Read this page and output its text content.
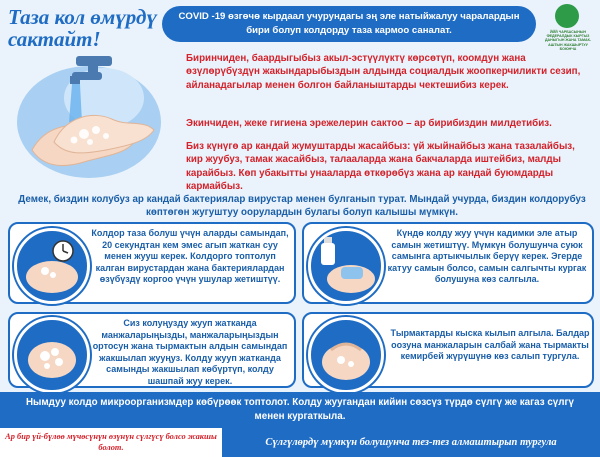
Таза кол өмүрдү сактайт!
COVID -19 өзгөчө кырдаал учурундагы эң эле натыйжалуу чаралардын бири болуп колдорду таза кармоо саналат.	ЙЙЙ ЧАРБАСЫНЫН ФЕДЕРАЛДЫК КЫРГЫЗ ДАНЫГЫН ЖАНА ТАМАК-АШТЫН ЖАКШЫРТУУ БОЮНЧА
Биринчиден, баардыгыбыз акыл-эстүүлүктү көрсөтүп, коомдун жана өзүлөрүбүздүн жакындарыбыздын алдында социалдык жоопкерчиликти сезип, айланадагылар менен болгон байланыштарды чектешибиз керек.
Экинчиден, жеке гигиена эрежелерин сактоо – ар бирибиздин милдетибиз.
Биз күнүгө ар кандай жумуштарды жасайбыз: үй жыйнайбыз жана тазалайбыз, кир жуубуз, тамак жасайбыз, талааларда жана бакчаларда иштейбиз, малды карайбыз. Көп убакытты унааларда өткөрөбүз жана ар кандай буюмдарды кармайбыз.
Демек, биздин колубуз ар кандай бактериялар вирустар менен булганып турат. Мындай учурда, биздин колдорубуз көптөгөн жугуштуу оорулардын булагы болуп калышы мүмкүн.
Колдор таза болуш үчүн аларды самындап, 20 секундтан кем эмес агып жаткан суу менен жууш керек. Колдорго топтолуп калган вирустардан жана бактериялардан өзүбүздү коргоо үчүн ушулар жетиштүү.
Күндө колду жуу үчүн кадимки эле атыр самын жетиштүү. Мүмкүн болушунча суюк самынга артыкчылык берүү керек. Эгерде катуу самын болсо, самын салгычты кургак болушуна көз салгыла.
Сиз колуңузду жууп жатканда манжаларыңызды, манжаларыңыздын ортосун жана тырмактын алдын самындап жакшылап жууңуз. Колду жууп жатканда самынды жакшылап көбүртүп, колду шашпай жуу керек.
Тырмактарды кыска кылып алгыла. Балдар оозуна манжаларын салбай жана тырмакты кемирбей жүрүшүнө көз салып тургула.
Нымдуу колдо микроорганизмдер көбүрөөк топтолот. Колду жуугандан кийин сөзсүз түрдө сүлгү же кагаз сүлгү менен кургаткыла.
Ар бир үй-бүлөө мүчөсүнүн өзүнүн сүлгүсү болсо жакшы болот.	Сүлгүлөрдү мүмкүн болушунча тез-тез алмаштырып тургула
